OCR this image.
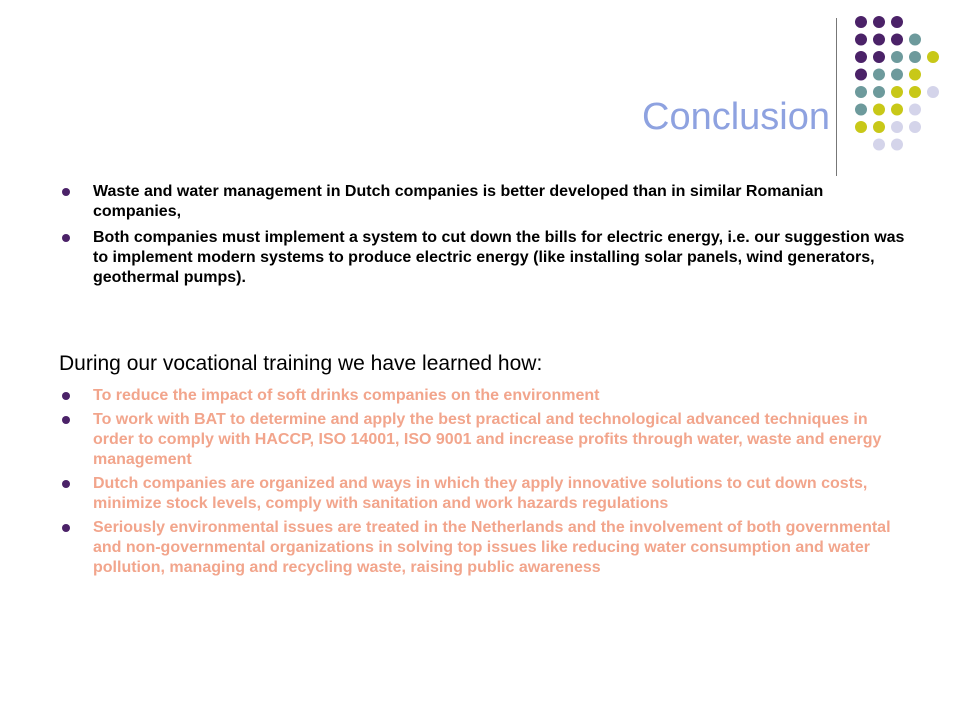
Conclusion
Waste and water management in Dutch companies is better developed than in similar Romanian companies,
Both companies must implement a system to cut down the bills for electric energy, i.e. our suggestion was to implement modern systems to produce electric energy (like installing solar panels, wind generators, geothermal pumps).
During our vocational training we have learned how:
To reduce the impact of soft drinks companies on the environment
To work with BAT to determine and apply the best practical and technological advanced techniques in order to comply with HACCP, ISO 14001, ISO 9001 and increase profits through water, waste and energy management
Dutch companies are organized and ways in which they apply innovative solutions to cut down costs, minimize stock levels, comply with sanitation and work hazards regulations
Seriously environmental issues are treated in the Netherlands and the involvement of both governmental and non-governmental organizations in solving top issues like reducing water consumption and water pollution, managing and recycling waste, raising public awareness
